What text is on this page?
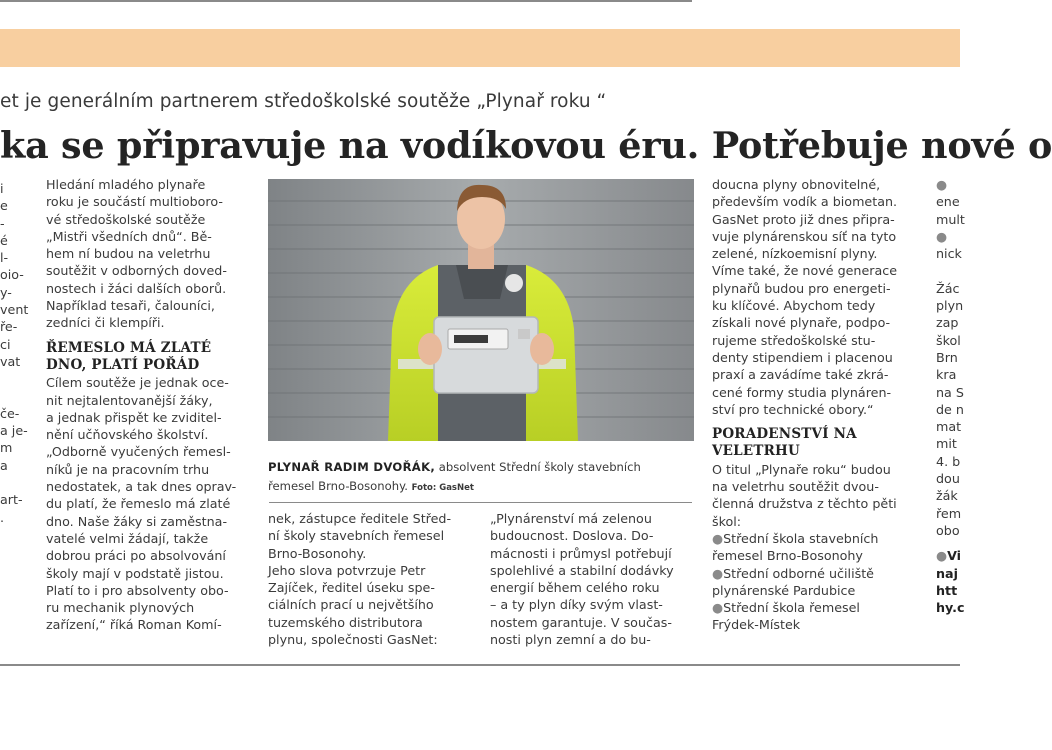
et je generálním partnerem středoškolské soutěže „Plynař roku “
ka se připravuje na vodíkovou éru. Potřebuje nové o
i
e
-
é
l-
oio-
y-
vent
ře-
ci
vat
če-
a je-
m
a
art-
.
Hledání mladého plynaře
roku je součástí multioboro-
vé středoškolské soutěže
„Mistři všedních dnů“. Bě-
hem ní budou na veletrhu
soutěžit v odborných doved-
nostech i žáci dalších oborů.
Například tesaři, čalouníci,
zedníci či klempíři.
ŘEMESLO MÁ ZLATÉ
DNO, PLATÍ POŘÁD
Cílem soutěže je jednak oce-
nit nejtalentovanější žáky,
a jednak přispět ke zviditel-
nění učňovského školství.
„Odborně vyučených řemesl-
níků je na pracovním trhu
nedostatek, a tak dnes oprav-
du platí, že řemeslo má zlaté
dno. Naše žáky si zaměstna-
vatelé velmi žádají, takže
dobrou práci po absolvování
školy mají v podstatě jistou.
Platí to i pro absolventy obo-
ru mechanik plynových
zařízení,“ říká Roman Komí-
PLYNAŘ RADIM DVOŘÁK, absolvent Střední školy stavebních
řemesel Brno-Bosonohy. Foto: GasNet
nek, zástupce ředitele Střed-
ní školy stavebních řemesel
Brno-Bosonohy.
Jeho slova potvrzuje Petr
Zajíček, ředitel úseku spe-
ciálních prací u největšího
tuzemského distributora
plynu, společnosti GasNet:
„Plynárenství má zelenou
budoucnost. Doslova. Do-
mácnosti i průmysl potřebují
spolehlivé a stabilní dodávky
energií během celého roku
– a ty plyn díky svým vlast-
nostem garantuje. V součas-
nosti plyn zemní a do bu-
doucna plyny obnovitelné,
především vodík a biometan.
GasNet proto již dnes připra-
vuje plynárenskou síť na tyto
zelené, nízkoemisní plyny.
Víme také, že nové generace
plynařů budou pro energeti-
ku klíčové. Abychom tedy
získali nové plynaře, podpo-
rujeme středoškolské stu-
denty stipendiem i placenou
praxí a zavádíme také zkrá-
cené formy studia plynáren-
ství pro technické obory.“
PORADENSTVÍ NA
VELETRHU
O titul „Plynaře roku“ budou
na veletrhu soutěžit dvou-
členná družstva z těchto pěti
škol:
●Střední škola stavebních
řemesel Brno-Bosonohy
●Střední odborné učiliště
plynárenské Pardubice
●Střední škola řemesel
Frýdek-Místek
●
ene
mult
●
nick
Žác
plyn
zap
škol
Brn
kra
na S
de n
mat
mit
4. b
dou
žák
řem
obo
●Vi
naj
htt
hy.c
